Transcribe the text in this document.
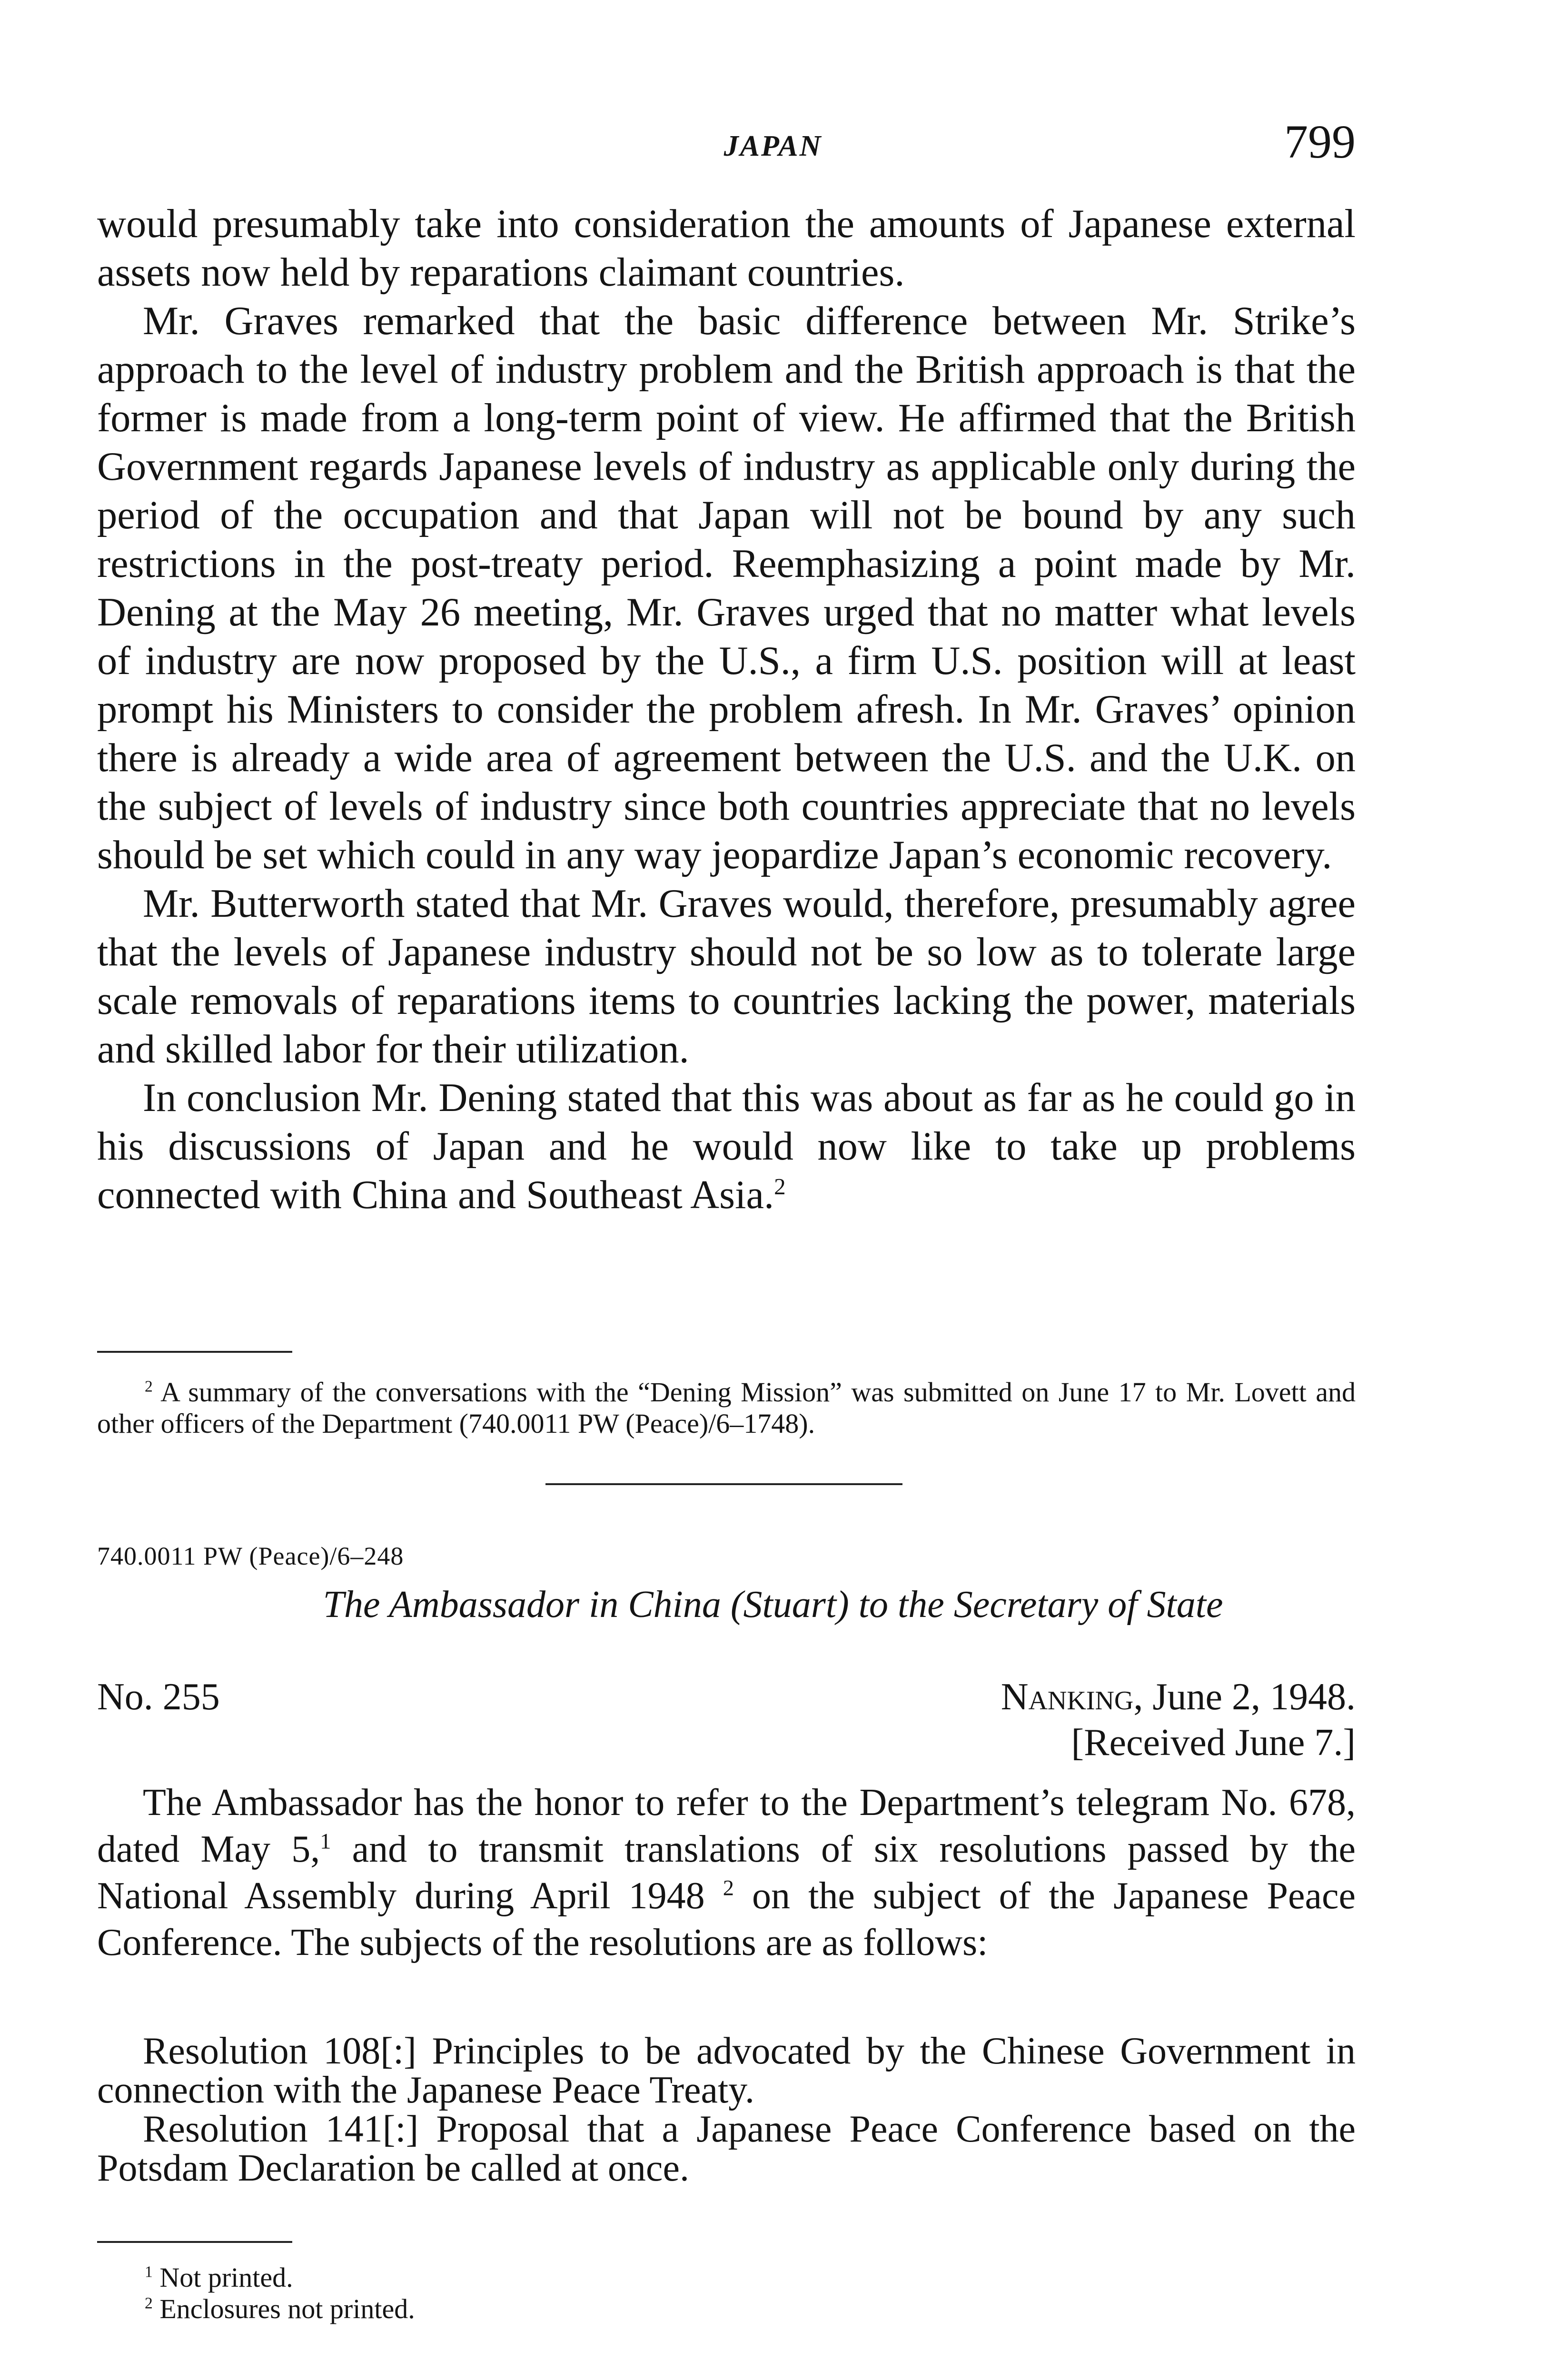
JAPAN	799

would presumably take into consideration the amounts of Japanese external assets now held by reparations claimant countries.

Mr. Graves remarked that the basic difference between Mr. Strike’s approach to the level of industry problem and the British approach is that the former is made from a long-term point of view. He affirmed that the British Government regards Japanese levels of industry as applicable only during the period of the occupation and that Japan will not be bound by any such restrictions in the post-treaty period. Reemphasizing a point made by Mr. Dening at the May 26 meeting, Mr. Graves urged that no matter what levels of industry are now proposed by the U.S., a firm U.S. position will at least prompt his Ministers to consider the problem afresh. In Mr. Graves’ opinion there is already a wide area of agreement between the U.S. and the U.K. on the subject of levels of industry since both countries appreciate that no levels should be set which could in any way jeopardize Japan’s economic recovery.

Mr. Butterworth stated that Mr. Graves would, therefore, presumably agree that the levels of Japanese industry should not be so low as to tolerate large scale removals of reparations items to countries lacking the power, materials and skilled labor for their utilization.

In conclusion Mr. Dening stated that this was about as far as he could go in his discussions of Japan and he would now like to take up problems connected with China and Southeast Asia.$^2$

$^2$ A summary of the conversations with the “Dening Mission” was submitted on June 17 to Mr. Lovett and other officers of the Department (740.0011 PW (Peace)/6–1748).

740.0011 PW (Peace)/6–248
The Ambassador in China (Stuart) to the Secretary of State
No. 255	Nanking, June 2, 1948.
[Received June 7.]

The Ambassador has the honor to refer to the Department’s telegram No. 678, dated May 5,$^1$ and to transmit translations of six resolutions passed by the National Assembly during April 1948 $^2$ on the subject of the Japanese Peace Conference. The subjects of the resolutions are as follows:

Resolution 108[:] Principles to be advocated by the Chinese Government in connection with the Japanese Peace Treaty.

Resolution 141[:] Proposal that a Japanese Peace Conference based on the Potsdam Declaration be called at once.

$^1$ Not printed.

$^2$ Enclosures not printed.
